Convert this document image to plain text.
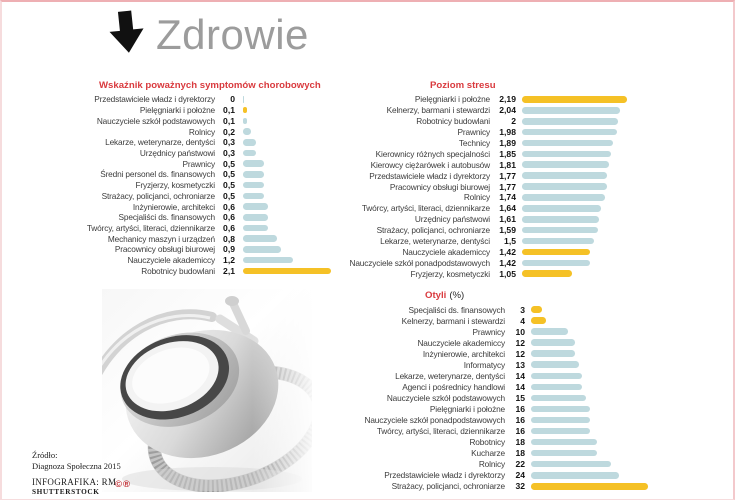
Zdrowie
Wskaźnik poważnych symptomów chorobowych
Przedstawiciele władz i dyrektorzy	0
Pielęgniarki i położne 0,1
Nauczyciele szkół podstawowych 0,1
Rolnicy 0,2
Lekarze, weterynarze, dentyści 0,3
Urzędnicy państwowi 0,3
Prawnicy 0,5
Średni personel ds. finansowych 0,5
Fryzjerzy, kosmetyczki 0,5
Strażacy, policjanci, ochroniarze 0,5
Inżynierowie, architekci 0,6
Specjaliści ds. finansowych 0,6
Twórcy, artyści, literaci, dziennikarze 0,6
Mechanicy maszyn i urządzeń 0,8
Pracownicy obsługi biurowej 0,9
Nauczyciele akademiccy 1,2
Robotnicy budowlani 2,1
Poziom stresu
Pielęgniarki i położne	2,19
Kelnerzy, barmani i stewardzi	2,04
Robotnicy budowlani	2
Prawnicy	1,98
Technicy	1,89
Kierownicy różnych specjalności	1,85
Kierowcy ciężarówek i autobusów	1,81
Przedstawiciele władz i dyrektorzy	1,77
Pracownicy obsługi biurowej	1,77
Rolnicy	1,74
Twórcy, artyści, literaci, dziennikarze	1,64
Urzędnicy państwowi	1,61
Strażacy, policjanci, ochroniarze	1,59
Lekarze, weterynarze, dentyści	1,5
Nauczyciele akademiccy	1,42
Nauczyciele szkół ponadpodstawowych	1,42
Fryzjerzy, kosmetyczki	1,05
Otyli (%)
Specjaliści ds. finansowych	3
Kelnerzy, barmani i stewardzi	4
Prawnicy	10
Nauczyciele akademiccy	12
Inżynierowie, architekci	12
Informatycy	13
Lekarze, weterynarze, dentyści	14
Agenci i pośrednicy handlowi	14
Nauczyciele szkół podstawowych	15
Pielęgniarki i położne	16
Nauczyciele szkół ponadpodstawowych	16
Twórcy, artyści, literaci, dziennikarze	16
Robotnicy	18
Kucharze	18
Rolnicy	22
Przedstawiciele władz i dyrektorzy	24
Strażacy, policjanci, ochroniarze	32
Źródło:
Diagnoza Społeczna 2015
INFOGRAFIKA: RM
SHUTTERSTOCK
©®
